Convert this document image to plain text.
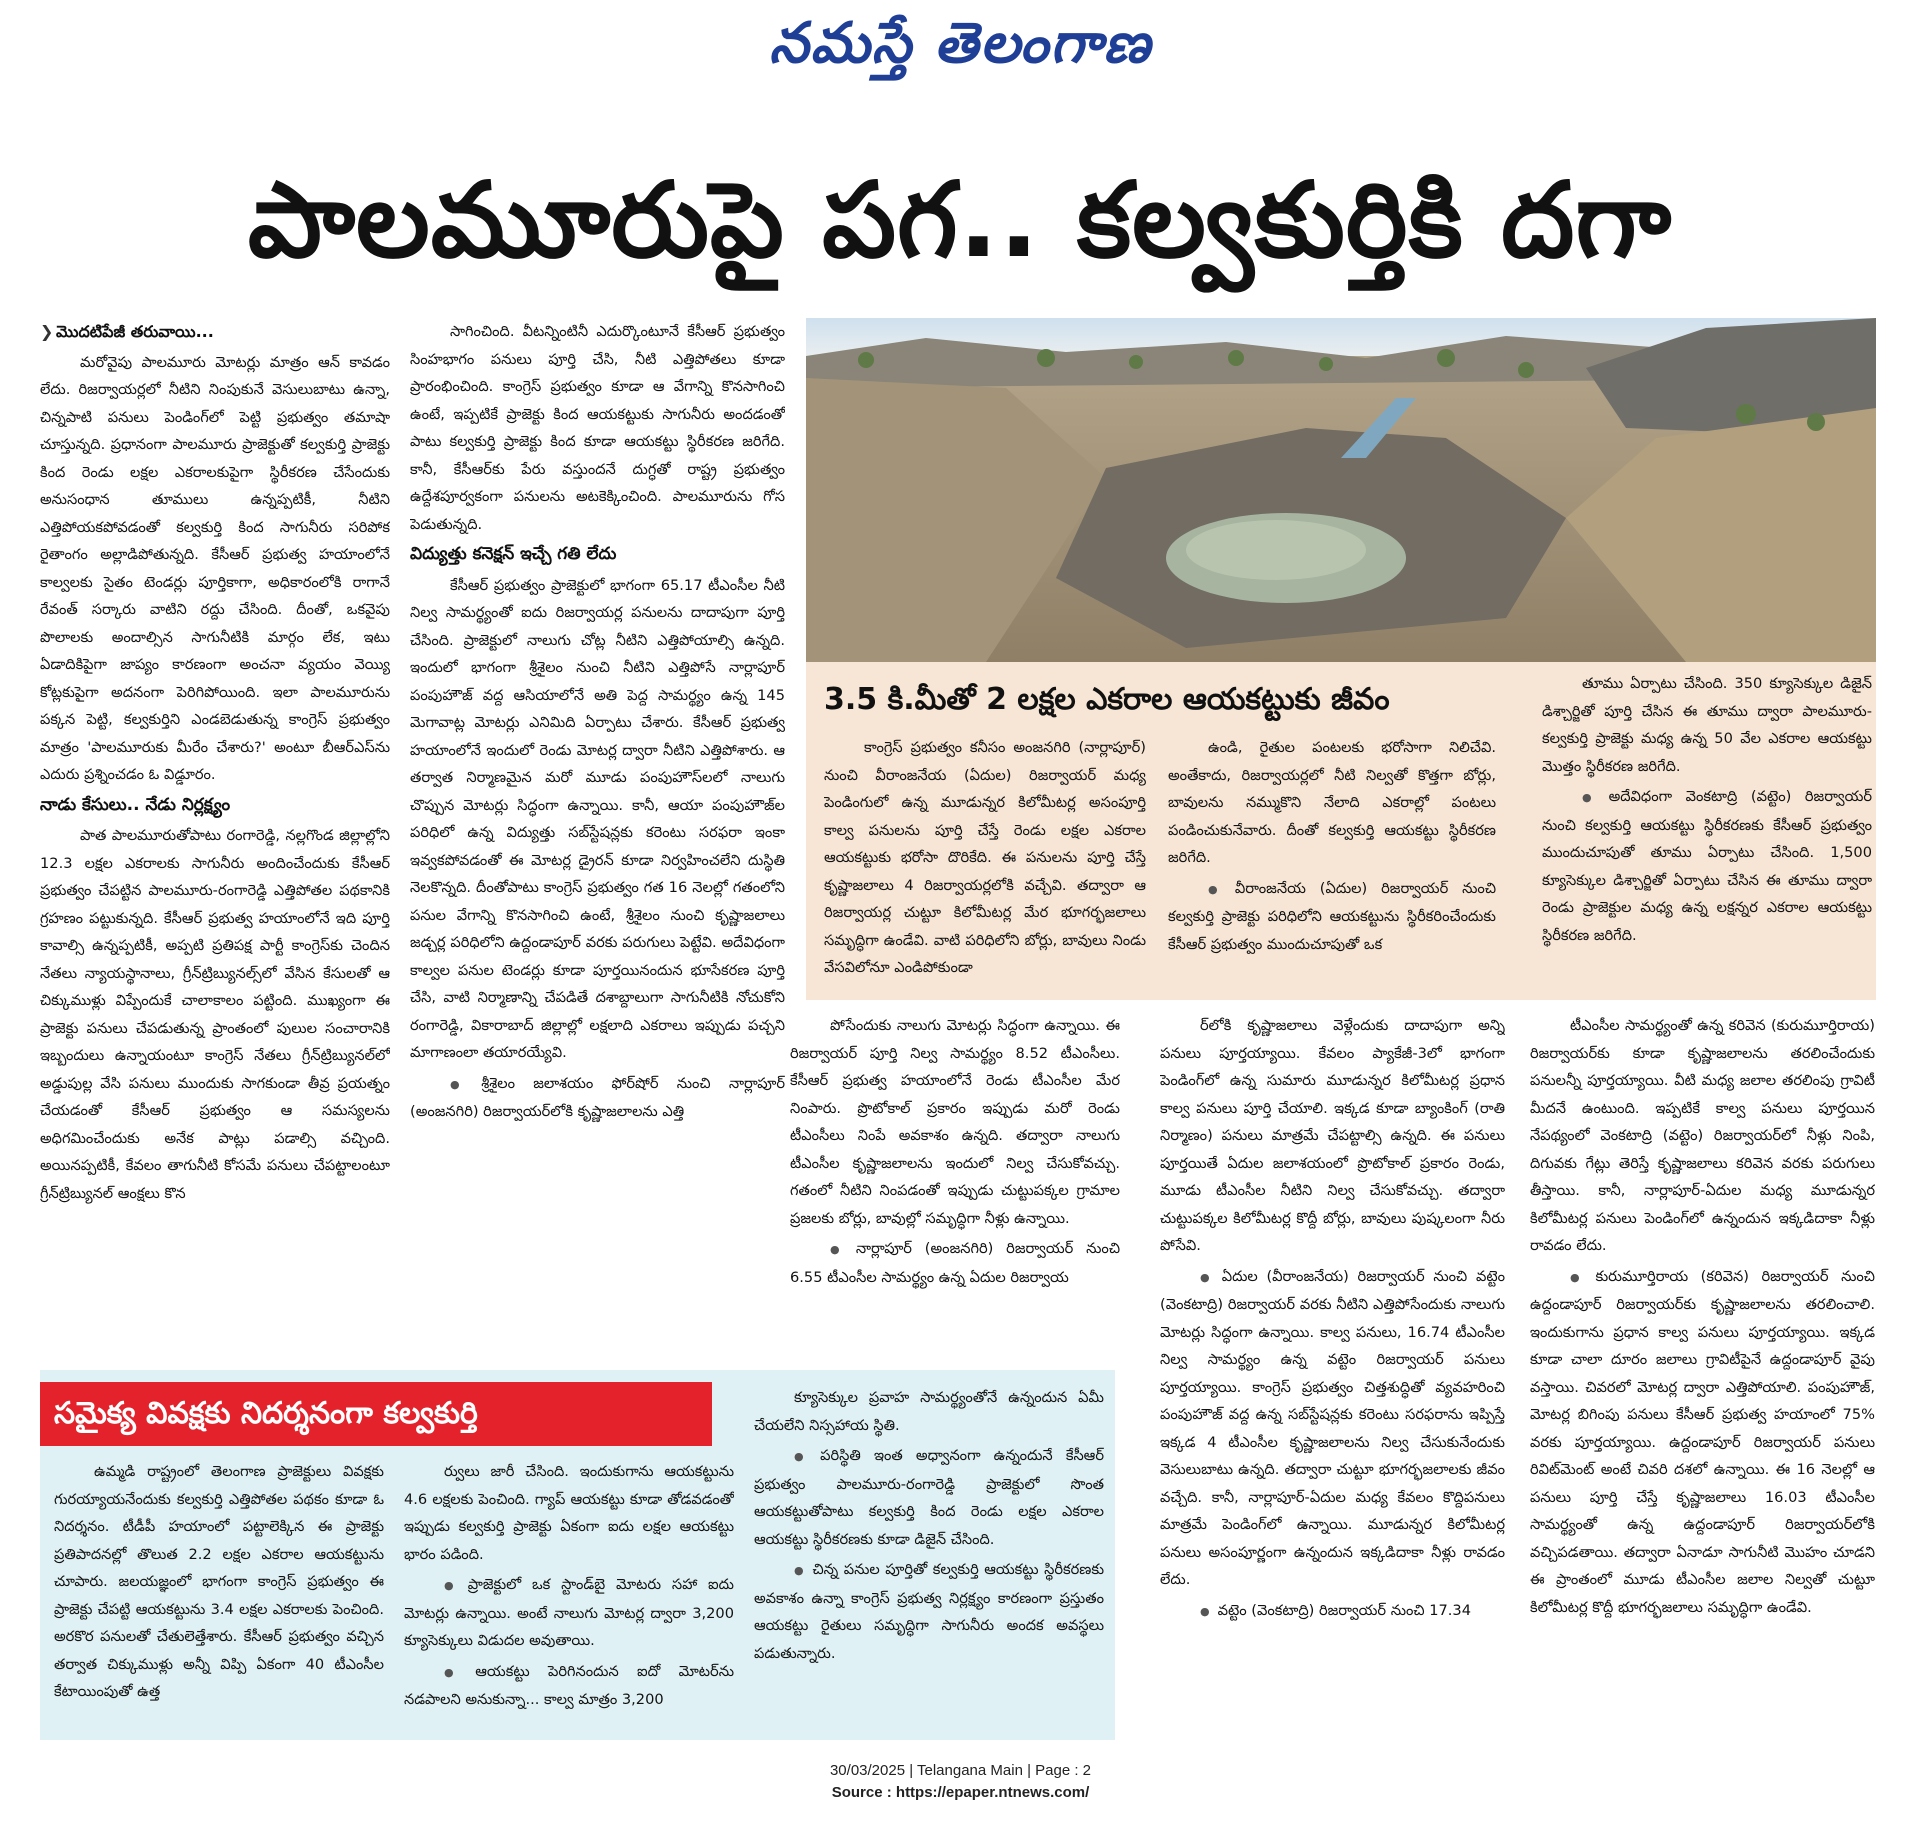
నమస్తే తెలంగాణ
పాలమూరుపై పగ.. కల్వకుర్తికి దగా

❯ మొదటిపేజీ తరువాయి...

మరోవైపు పాలమూరు మోటర్లు మాత్రం ఆన్ కావడం లేదు. రిజర్వాయర్లలో నీటిని నింపుకునే వెసులుబాటు ఉన్నా, చిన్నపాటి పనులు పెండింగ్‌లో పెట్టి ప్రభుత్వం తమాషా చూస్తున్నది. ప్రధానంగా పాలమూరు ప్రాజెక్టుతో కల్వకుర్తి ప్రాజెక్టు కింద రెండు లక్షల ఎకరాలకుపైగా స్థిరీకరణ చేసేందుకు అనుసంధాన తూములు ఉన్నప్పటికీ, నీటిని ఎత్తిపోయకపోవడంతో కల్వకుర్తి కింద సాగునీరు సరిపోక రైతాంగం అల్లాడిపోతున్నది. కేసీఆర్ ప్రభుత్వ హయాంలోనే కాల్వలకు సైతం టెండర్లు పూర్తికాగా, అధికారంలోకి రాగానే రేవంత్ సర్కారు వాటిని రద్దు చేసింది. దీంతో, ఒకవైపు పొలాలకు అందాల్సిన సాగునీటికి మార్గం లేక, ఇటు ఏడాదికిపైగా జాప్యం కారణంగా అంచనా వ్యయం వెయ్యి కోట్లకుపైగా అదనంగా పెరిగిపోయింది. ఇలా పాలమూరును పక్కన పెట్టి, కల్వకుర్తిని ఎండబెడుతున్న కాంగ్రెస్ ప్రభుత్వం మాత్రం 'పాలమూరుకు మీరేం చేశారు?' అంటూ బీఆర్‌ఎస్‌ను ఎదురు ప్రశ్నించడం ఓ విడ్డూరం.

నాడు కేసులు.. నేడు నిర్లక్ష్యం

పాత పాలమూరుతోపాటు రంగారెడ్డి, నల్లగొండ జిల్లాల్లోని 12.3 లక్షల ఎకరాలకు సాగునీరు అందించేందుకు కేసీఆర్ ప్రభుత్వం చేపట్టిన పాలమూరు-రంగారెడ్డి ఎత్తిపోతల పథకానికి గ్రహణం పట్టుకున్నది. కేసీఆర్ ప్రభుత్వ హయాంలోనే ఇది పూర్తి కావాల్సి ఉన్నప్పటికీ, అప్పటి ప్రతిపక్ష పార్టీ కాంగ్రెస్‌కు చెందిన నేతలు న్యాయస్థానాలు, గ్రీన్‌ట్రిబ్యునల్స్‌లో వేసిన కేసులతో ఆ చిక్కుముళ్లు విప్పేందుకే చాలాకాలం పట్టింది. ముఖ్యంగా ఈ ప్రాజెక్టు పనులు చేపడుతున్న ప్రాంతంలో పులుల సంచారానికి ఇబ్బందులు ఉన్నాయంటూ కాంగ్రెస్ నేతలు గ్రీన్‌ట్రిబ్యునల్‌లో అడ్డుపుల్ల వేసి పనులు ముందుకు సాగకుండా తీవ్ర ప్రయత్నం చేయడంతో కేసీఆర్ ప్రభుత్వం ఆ సమస్యలను అధిగమించేందుకు అనేక పాట్లు పడాల్సి వచ్చింది. అయినప్పటికీ, కేవలం తాగునీటి కోసమే పనులు చేపట్టాలంటూ గ్రీన్‌ట్రిబ్యునల్ ఆంక్షలు కొన

సాగించింది. వీటన్నింటినీ ఎదుర్కొంటూనే కేసీఆర్ ప్రభుత్వం సింహభాగం పనులు పూర్తి చేసి, నీటి ఎత్తిపోతలు కూడా ప్రారంభించింది. కాంగ్రెస్ ప్రభుత్వం కూడా ఆ వేగాన్ని కొనసాగించి ఉంటే, ఇప్పటికే ప్రాజెక్టు కింద ఆయకట్టుకు సాగునీరు అందడంతో పాటు కల్వకుర్తి ప్రాజెక్టు కింద కూడా ఆయకట్టు స్థిరీకరణ జరిగేది. కానీ, కేసీఆర్‌కు పేరు వస్తుందనే దుగ్ధతో రాష్ట్ర ప్రభుత్వం ఉద్దేశపూర్వకంగా పనులను అటకెక్కించింది. పాలమూరును గోస పెడుతున్నది.

విద్యుత్తు కనెక్షన్ ఇచ్చే గతి లేదు

కేసీఆర్ ప్రభుత్వం ప్రాజెక్టులో భాగంగా 65.17 టీఎంసీల నీటి నిల్వ సామర్థ్యంతో ఐదు రిజర్వాయర్ల పనులను దాదాపుగా పూర్తి చేసింది. ప్రాజెక్టులో నాలుగు చోట్ల నీటిని ఎత్తిపోయాల్సి ఉన్నది. ఇందులో భాగంగా శ్రీశైలం నుంచి నీటిని ఎత్తిపోసే నార్లాపూర్ పంపుహౌజ్ వద్ద ఆసియాలోనే అతి పెద్ద సామర్థ్యం ఉన్న 145 మెగావాట్ల మోటర్లు ఎనిమిది ఏర్పాటు చేశారు. కేసీఆర్ ప్రభుత్వ హయాంలోనే ఇందులో రెండు మోటర్ల ద్వారా నీటిని ఎత్తిపోశారు. ఆ తర్వాత నిర్మాణమైన మరో మూడు పంపుహౌస్‌లలో నాలుగు చొప్పున మోటర్లు సిద్ధంగా ఉన్నాయి. కానీ, ఆయా పంపుహౌజ్‌ల పరిధిలో ఉన్న విద్యుత్తు సబ్‌స్టేషన్లకు కరెంటు సరఫరా ఇంకా ఇవ్వకపోవడంతో ఈ మోటర్ల డ్రైరన్ కూడా నిర్వహించలేని దుస్థితి నెలకొన్నది. దీంతోపాటు కాంగ్రెస్ ప్రభుత్వం గత 16 నెలల్లో గతంలోని పనుల వేగాన్ని కొనసాగించి ఉంటే, శ్రీశైలం నుంచి కృష్ణాజలాలు జడ్చర్ల పరిధిలోని ఉద్దండాపూర్ వరకు పరుగులు పెట్టేవి. అదేవిధంగా కాల్వల పనుల టెండర్లు కూడా పూర్తయినందున భూసేకరణ పూర్తి చేసి, వాటి నిర్మాణాన్ని చేపడితే దశాబ్దాలుగా సాగునీటికి నోచుకోని రంగారెడ్డి, వికారాబాద్ జిల్లాల్లో లక్షలాది ఎకరాలు ఇప్పుడు పచ్చని మాగాణంలా తయారయ్యేవి.

● శ్రీశైలం జలాశయం ఫోర్‌షోర్ నుంచి నార్లాపూర్ (అంజనగిరి) రిజర్వాయర్‌లోకి కృష్ణాజలాలను ఎత్తి

3.5 కి.మీతో 2 లక్షల ఎకరాల ఆయకట్టుకు జీవం

కాంగ్రెస్ ప్రభుత్వం కనీసం అంజనగిరి (నార్లాపూర్) నుంచి వీరాంజనేయ (ఏదుల) రిజర్వాయర్ మధ్య పెండింగులో ఉన్న మూడున్నర కిలోమీటర్ల అసంపూర్తి కాల్వ పనులను పూర్తి చేస్తే రెండు లక్షల ఎకరాల ఆయకట్టుకు భరోసా దొరికేది. ఈ పనులను పూర్తి చేస్తే కృష్ణాజలాలు 4 రిజర్వాయర్లలోకి వచ్చేవి. తద్వారా ఆ రిజర్వాయర్ల చుట్టూ కిలోమీటర్ల మేర భూగర్భజలాలు సమృద్ధిగా ఉండేవి. వాటి పరిధిలోని బోర్లు, బావులు నిండు వేసవిలోనూ ఎండిపోకుండా

ఉండి, రైతుల పంటలకు భరోసాగా నిలిచేవి. అంతేకాదు, రిజర్వాయర్లలో నీటి నిల్వతో కొత్తగా బోర్లు, బావులను నమ్ముకొని నేలాది ఎకరాల్లో పంటలు పండించుకునేవారు. దీంతో కల్వకుర్తి ఆయకట్టు స్థిరీకరణ జరిగేది.

● వీరాంజనేయ (ఏదుల) రిజర్వాయర్ నుంచి కల్వకుర్తి ప్రాజెక్టు పరిధిలోని ఆయకట్టును స్థిరీకరించేందుకు కేసీఆర్ ప్రభుత్వం ముందుచూపుతో ఒక

తూము ఏర్పాటు చేసింది. 350 క్యూసెక్కుల డిజైన్ డిశ్చార్జితో పూర్తి చేసిన ఈ తూము ద్వారా పాలమూరు-కల్వకుర్తి ప్రాజెక్టు మధ్య ఉన్న 50 వేల ఎకరాల ఆయకట్టు మొత్తం స్థిరీకరణ జరిగేది.

● అదేవిధంగా వెంకటాద్రి (వట్టెం) రిజర్వాయర్ నుంచి కల్వకుర్తి ఆయకట్టు స్థిరీకరణకు కేసీఆర్ ప్రభుత్వం ముందుచూపుతో తూము ఏర్పాటు చేసింది. 1,500 క్యూసెక్కుల డిశ్చార్జితో ఏర్పాటు చేసిన ఈ తూము ద్వారా రెండు ప్రాజెక్టుల మధ్య ఉన్న లక్షన్నర ఎకరాల ఆయకట్టు స్థిరీకరణ జరిగేది.

పోసేందుకు నాలుగు మోటర్లు సిద్ధంగా ఉన్నాయి. ఈ రిజర్వాయర్ పూర్తి నిల్వ సామర్థ్యం 8.52 టీఎంసీలు. కేసీఆర్ ప్రభుత్వ హయాంలోనే రెండు టీఎంసీల మేర నింపారు. ప్రొటోకాల్ ప్రకారం ఇప్పుడు మరో రెండు టీఎంసీలు నింపే అవకాశం ఉన్నది. తద్వారా నాలుగు టీఎంసీల కృష్ణాజలాలను ఇందులో నిల్వ చేసుకోవచ్చు. గతంలో నీటిని నింపడంతో ఇప్పుడు చుట్టుపక్కల గ్రామాల ప్రజలకు బోర్లు, బావుల్లో సమృద్ధిగా నీళ్లు ఉన్నాయి.

● నార్లాపూర్ (అంజనగిరి) రిజర్వాయర్ నుంచి 6.55 టీఎంసీల సామర్థ్యం ఉన్న ఏదుల రిజర్వాయ

ర్‌లోకి కృష్ణాజలాలు వెళ్లేందుకు దాదాపుగా అన్ని పనులు పూర్తయ్యాయి. కేవలం ప్యాకేజీ-3లో భాగంగా పెండింగ్‌లో ఉన్న సుమారు మూడున్నర కిలోమీటర్ల ప్రధాన కాల్వ పనులు పూర్తి చేయాలి. ఇక్కడ కూడా బ్యాంకింగ్ (రాతి నిర్మాణం) పనులు మాత్రమే చేపట్టాల్సి ఉన్నది. ఈ పనులు పూర్తయితే ఏదుల జలాశయంలో ప్రొటోకాల్ ప్రకారం రెండు, మూడు టీఎంసీల నీటిని నిల్వ చేసుకోవచ్చు. తద్వారా చుట్టుపక్కల కిలోమీటర్ల కొద్దీ బోర్లు, బావులు పుష్కలంగా నీరు పోసేవి.

● ఏదుల (వీరాంజనేయ) రిజర్వాయర్ నుంచి వట్టెం (వెంకటాద్రి) రిజర్వాయర్ వరకు నీటిని ఎత్తిపోసేందుకు నాలుగు మోటర్లు సిద్ధంగా ఉన్నాయి. కాల్వ పనులు, 16.74 టీఎంసీల నిల్వ సామర్థ్యం ఉన్న వట్టెం రిజర్వాయర్ పనులు పూర్తయ్యాయి. కాంగ్రెస్ ప్రభుత్వం చిత్తశుద్ధితో వ్యవహరించి పంపుహౌజ్ వద్ద ఉన్న సబ్‌స్టేషన్లకు కరెంటు సరఫరాను ఇప్పిస్తే ఇక్కడ 4 టీఎంసీల కృష్ణాజలాలను నిల్వ చేసుకునేందుకు వెసులుబాటు ఉన్నది. తద్వారా చుట్టూ భూగర్భజలాలకు జీవం వచ్చేది. కానీ, నార్లాపూర్-ఏదుల మధ్య కేవలం కొద్దిపనులు మాత్రమే పెండింగ్‌లో ఉన్నాయి. మూడున్నర కిలోమీటర్ల పనులు అసంపూర్ణంగా ఉన్నందున ఇక్కడిదాకా నీళ్లు రావడం లేదు.

● వట్టెం (వెంకటాద్రి) రిజర్వాయర్ నుంచి 17.34

టీఎంసీల సామర్థ్యంతో ఉన్న కరివెన (కురుమూర్తిరాయ) రిజర్వాయర్‌కు కూడా కృష్ణాజలాలను తరలించేందుకు పనులన్నీ పూర్తయ్యాయి. వీటి మధ్య జలాల తరలింపు గ్రావిటీ మీదనే ఉంటుంది. ఇప్పటికే కాల్వ పనులు పూర్తయిన నేపథ్యంలో వెంకటాద్రి (వట్టెం) రిజర్వాయర్‌లో నీళ్లు నింపి, దిగువకు గేట్లు తెరిస్తే కృష్ణాజలాలు కరివెన వరకు పరుగులు తీస్తాయి. కానీ, నార్లాపూర్-ఏదుల మధ్య మూడున్నర కిలోమీటర్ల పనులు పెండింగ్‌లో ఉన్నందున ఇక్కడిదాకా నీళ్లు రావడం లేదు.

● కురుమూర్తిరాయ (కరివెన) రిజర్వాయర్ నుంచి ఉద్దండాపూర్ రిజర్వాయర్‌కు కృష్ణాజలాలను తరలించాలి. ఇందుకుగాను ప్రధాన కాల్వ పనులు పూర్తయ్యాయి. ఇక్కడ కూడా చాలా దూరం జలాలు గ్రావిటీపైనే ఉద్దండాపూర్ వైపు వస్తాయి. చివరలో మోటర్ల ద్వారా ఎత్తిపోయాలి. పంపుహౌజ్, మోటర్ల బిగింపు పనులు కేసీఆర్ ప్రభుత్వ హయాంలో 75% వరకు పూర్తయ్యాయి. ఉద్దండాపూర్ రిజర్వాయర్ పనులు రివిట్‌మెంట్ అంటే చివరి దశలో ఉన్నాయి. ఈ 16 నెలల్లో ఆ పనులు పూర్తి చేస్తే కృష్ణాజలాలు 16.03 టీఎంసీల సామర్థ్యంతో ఉన్న ఉద్దండాపూర్ రిజర్వాయర్‌లోకి వచ్చిపడతాయి. తద్వారా ఏనాడూ సాగునీటి మొహం చూడని ఈ ప్రాంతంలో మూడు టీఎంసీల జలాల నిల్వతో చుట్టూ కిలోమీటర్ల కొద్దీ భూగర్భజలాలు సమృద్ధిగా ఉండేవి.

సమైక్య వివక్షకు నిదర్శనంగా కల్వకుర్తి

ఉమ్మడి రాష్ట్రంలో తెలంగాణ ప్రాజెక్టులు వివక్షకు గురయ్యాయనేందుకు కల్వకుర్తి ఎత్తిపోతల పథకం కూడా ఓ నిదర్శనం. టీడీపీ హయాంలో పట్టాలెక్కిన ఈ ప్రాజెక్టు ప్రతిపాదనల్లో తొలుత 2.2 లక్షల ఎకరాల ఆయకట్టును చూపారు. జలయజ్ఞంలో భాగంగా కాంగ్రెస్ ప్రభుత్వం ఈ ప్రాజెక్టు చేపట్టి ఆయకట్టును 3.4 లక్షల ఎకరాలకు పెంచింది. అరకొర పనులతో చేతులెత్తేశారు. కేసీఆర్ ప్రభుత్వం వచ్చిన తర్వాత చిక్కుముళ్లు అన్నీ విప్పి ఏకంగా 40 టీఎంసీల కేటాయింపుతో ఉత్త

ర్వులు జారీ చేసింది. ఇందుకుగాను ఆయకట్టును 4.6 లక్షలకు పెంచింది. గ్యాప్ ఆయకట్టు కూడా తోడవడంతో ఇప్పుడు కల్వకుర్తి ప్రాజెక్టు ఏకంగా ఐదు లక్షల ఆయకట్టు భారం పడింది.

● ప్రాజెక్టులో ఒక స్టాండ్‌బై మోటరు సహా ఐదు మోటర్లు ఉన్నాయి. అంటే నాలుగు మోటర్ల ద్వారా 3,200 క్యూసెక్కులు విడుదల అవుతాయి.

● ఆయకట్టు పెరిగినందున ఐదో మోటర్‌ను నడపాలని అనుకున్నా... కాల్వ మాత్రం 3,200

క్యూసెక్కుల ప్రవాహ సామర్థ్యంతోనే ఉన్నందున ఏమీ చేయలేని నిస్సహాయ స్థితి.

● పరిస్థితి ఇంత అధ్వానంగా ఉన్నందునే కేసీఆర్ ప్రభుత్వం పాలమూరు-రంగారెడ్డి ప్రాజెక్టులో సొంత ఆయకట్టుతోపాటు కల్వకుర్తి కింద రెండు లక్షల ఎకరాల ఆయకట్టు స్థిరీకరణకు కూడా డిజైన్ చేసింది.

● చిన్న పనుల పూర్తితో కల్వకుర్తి ఆయకట్టు స్థిరీకరణకు అవకాశం ఉన్నా కాంగ్రెస్ ప్రభుత్వ నిర్లక్ష్యం కారణంగా ప్రస్తుతం ఆయకట్టు రైతులు సమృద్ధిగా సాగునీరు అందక అవస్థలు పడుతున్నారు.

30/03/2025 | Telangana Main | Page : 2
Source : https://epaper.ntnews.com/
